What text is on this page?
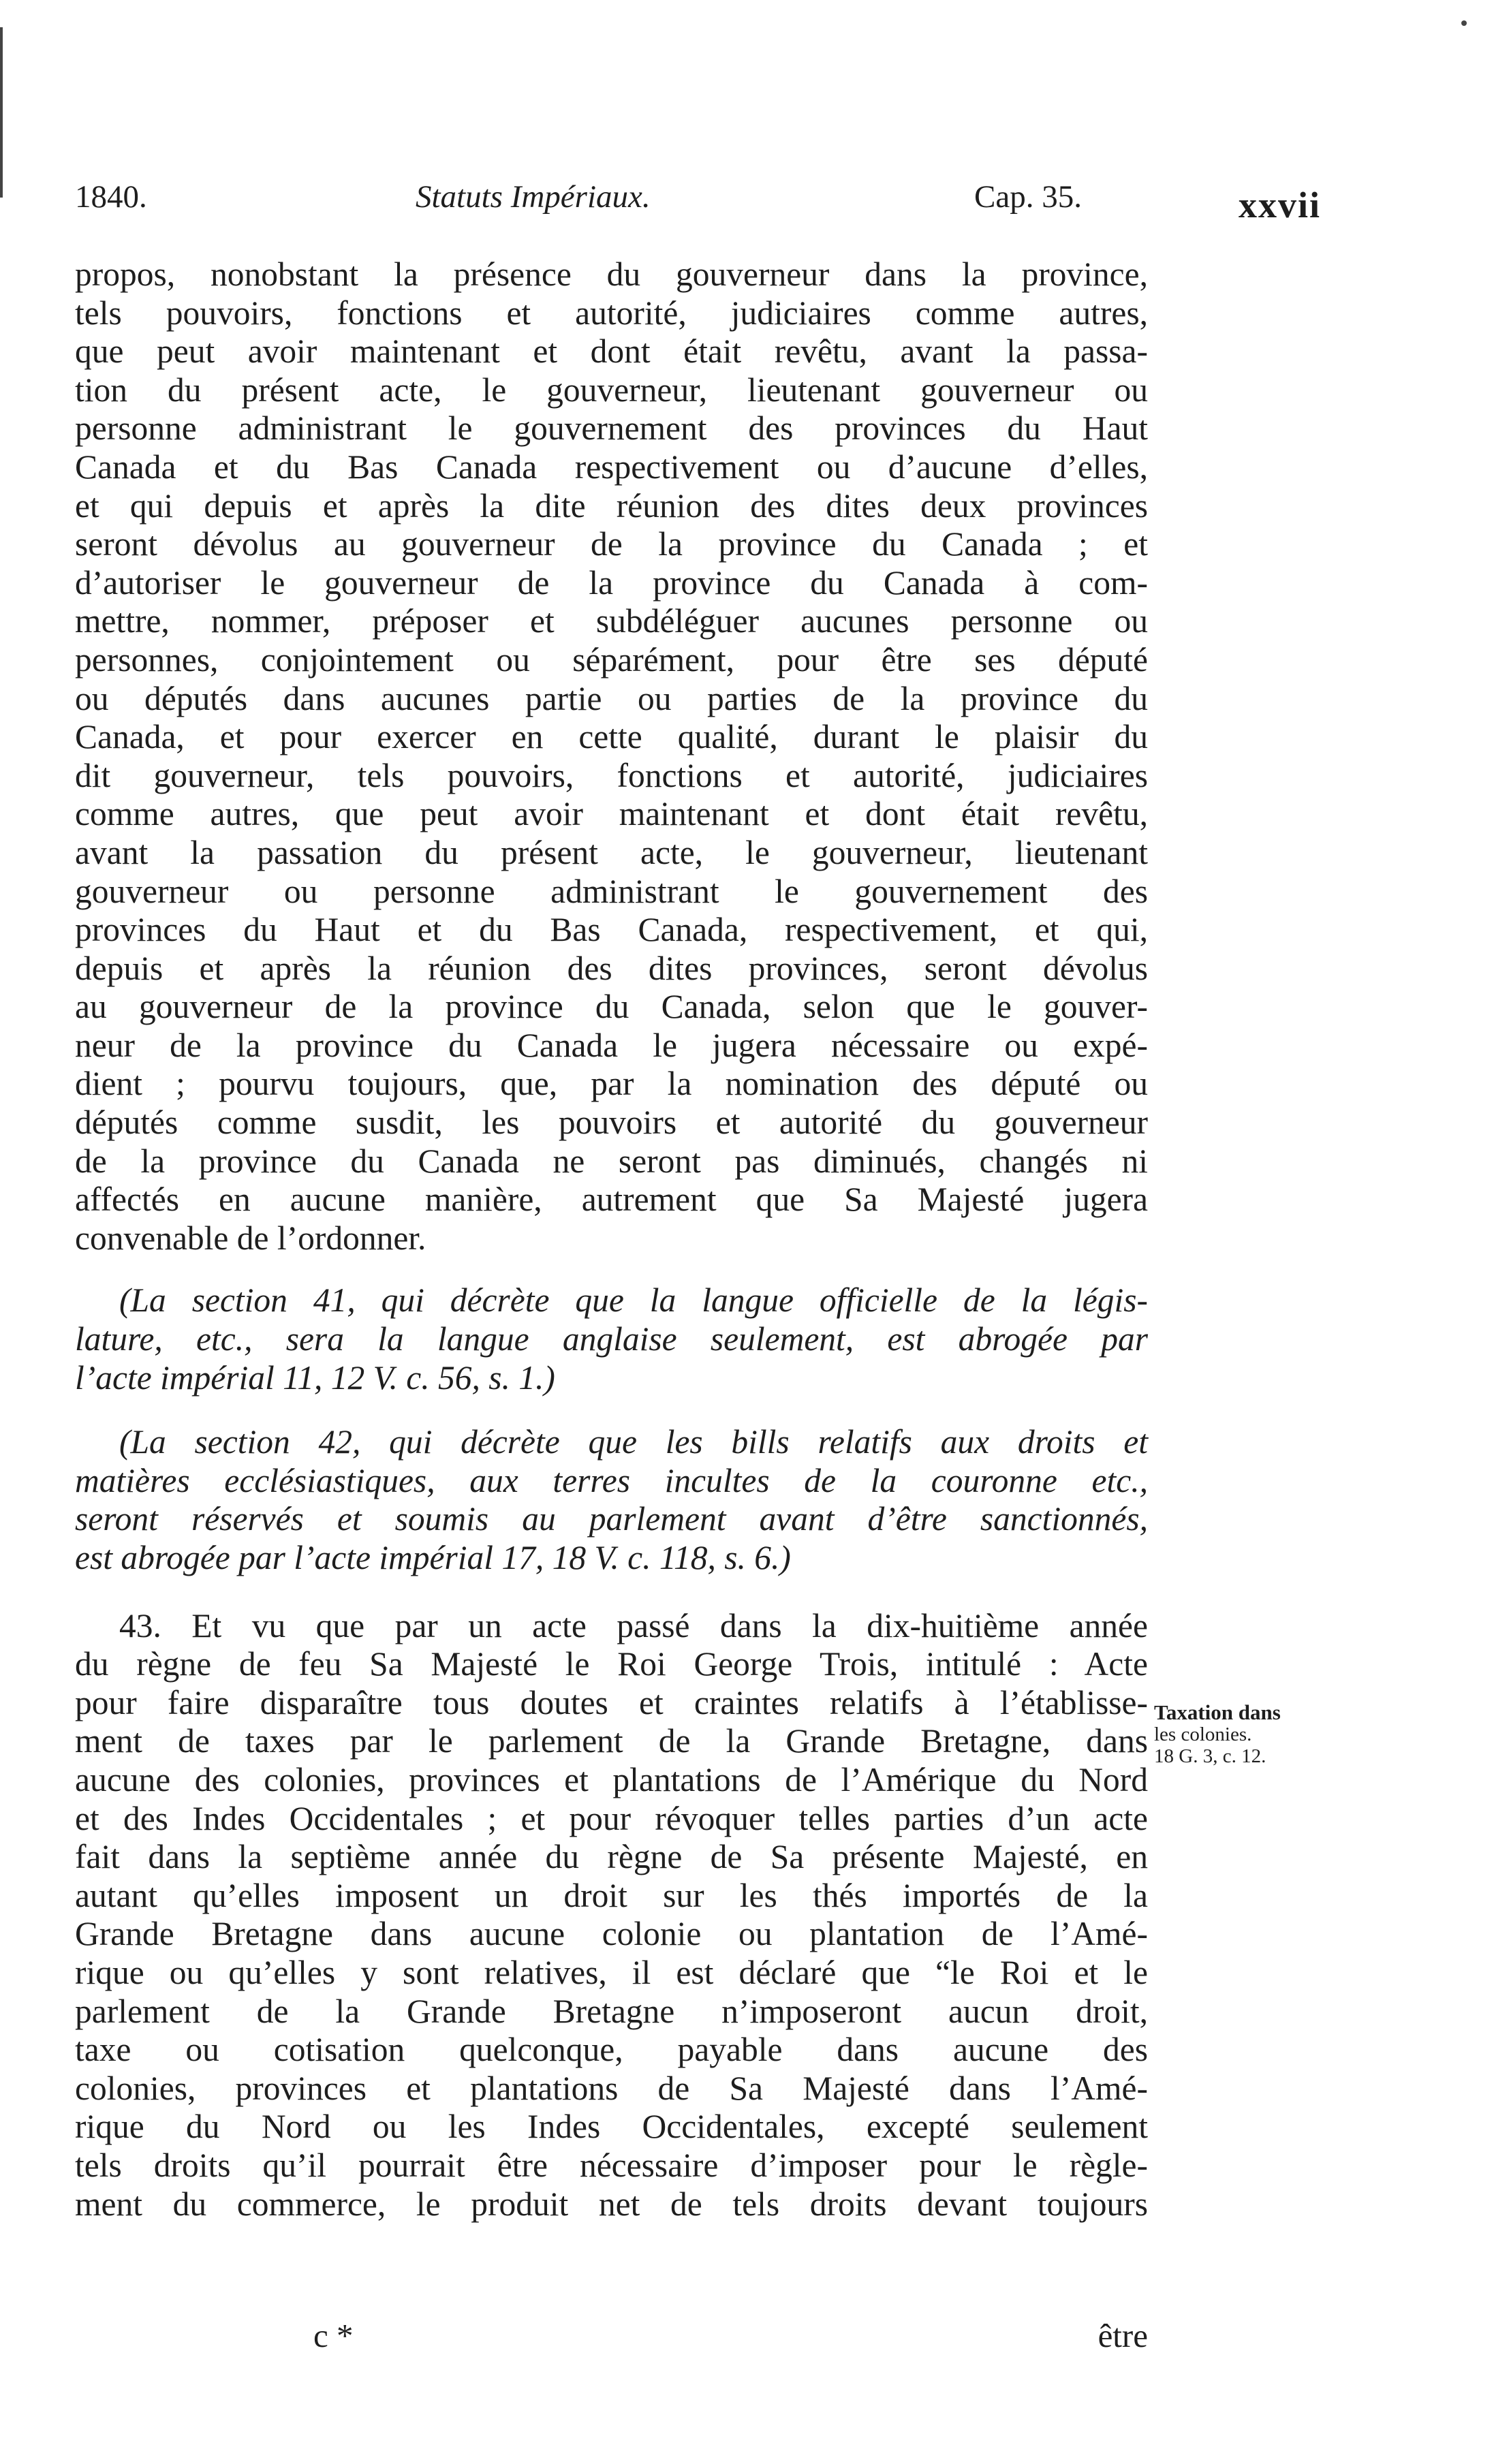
1840.	Statuts Impériaux.	Cap. 35.	xxvii
propos, nonobstant la présence du gouverneur dans la province,
tels pouvoirs, fonctions et autorité, judiciaires comme autres,
que peut avoir maintenant et dont était revêtu, avant la passa-
tion du présent acte, le gouverneur, lieutenant gouverneur ou
personne administrant le gouvernement des provinces du Haut
Canada et du Bas Canada respectivement ou d’aucune d’elles,
et qui depuis et après la dite réunion des dites deux provinces
seront dévolus au gouverneur de la province du Canada ; et
d’autoriser le gouverneur de la province du Canada à com-
mettre, nommer, préposer et subdéléguer aucunes personne ou
personnes, conjointement ou séparément, pour être ses député
ou députés dans aucunes partie ou parties de la province du
Canada, et pour exercer en cette qualité, durant le plaisir du
dit gouverneur, tels pouvoirs, fonctions et autorité, judiciaires
comme autres, que peut avoir maintenant et dont était revêtu,
avant la passation du présent acte, le gouverneur, lieutenant
gouverneur ou personne administrant le gouvernement des
provinces du Haut et du Bas Canada, respectivement, et qui,
depuis et après la réunion des dites provinces, seront dévolus
au gouverneur de la province du Canada, selon que le gouver-
neur de la province du Canada le jugera nécessaire ou expé-
dient ; pourvu toujours, que, par la nomination des député ou
députés comme susdit, les pouvoirs et autorité du gouverneur
de la province du Canada ne seront pas diminués, changés ni
affectés en aucune manière, autrement que Sa Majesté jugera
convenable de l’ordonner.
(La section 41, qui décrète que la langue officielle de la légis-
lature, etc., sera la langue anglaise seulement, est abrogée par
l’acte impérial 11, 12 V. c. 56, s. 1.)
(La section 42, qui décrète que les bills relatifs aux droits et
matières ecclésiastiques, aux terres incultes de la couronne etc.,
seront réservés et soumis au parlement avant d’être sanctionnés,
est abrogée par l’acte impérial 17, 18 V. c. 118, s. 6.)
43. Et vu que par un acte passé dans la dix-huitième année
du règne de feu Sa Majesté le Roi George Trois, intitulé : Acte
pour faire disparaître tous doutes et craintes relatifs à l’établisse-
ment de taxes par le parlement de la Grande Bretagne, dans
aucune des colonies, provinces et plantations de l’Amérique du Nord
et des Indes Occidentales ; et pour révoquer telles parties d’un acte
fait dans la septième année du règne de Sa présente Majesté, en
autant qu’elles imposent un droit sur les thés importés de la
Grande Bretagne dans aucune colonie ou plantation de l’Amé-
rique ou qu’elles y sont relatives, il est déclaré que “le Roi et le
parlement de la Grande Bretagne n’imposeront aucun droit,
taxe ou cotisation quelconque, payable dans aucune des
colonies, provinces et plantations de Sa Majesté dans l’Amé-
rique du Nord ou les Indes Occidentales, excepté seulement
tels droits qu’il pourrait être nécessaire d’imposer pour le règle-
ment du commerce, le produit net de tels droits devant toujours
Taxation dans
les colonies.
18 G. 3, c. 12.
c *	être
